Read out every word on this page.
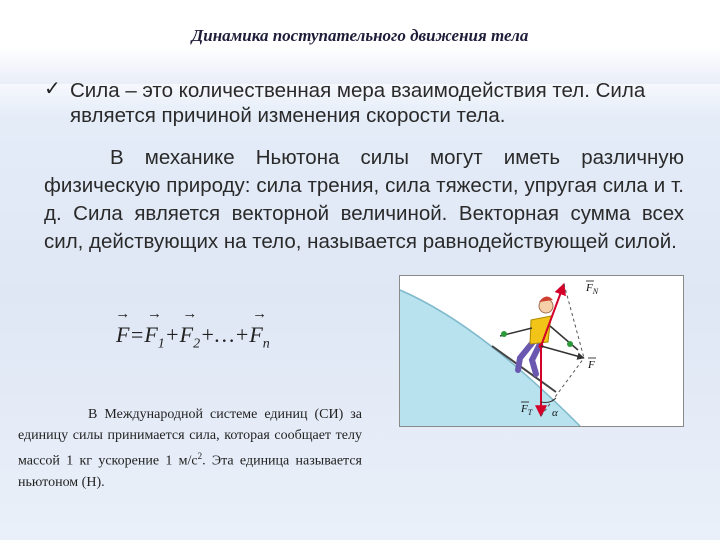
Динамика поступательного движения тела
✓ Сила – это количественная мера взаимодействия тел. Сила является причиной изменения скорости тела.
В механике Ньютона силы могут иметь различную физическую природу: сила трения, сила тяжести, упругая сила и т. д. Сила является векторной величиной. Векторная сумма всех сил, действующих на тело, называется равнодействующей силой.
→ $F=\to F_1+\to$ $F_2+\dots+\to F_n$
В Международной системе единиц (СИ) за единицу силы принимается сила, которая сообщает телу массой 1 кг ускорение 1 $м/с^2$. Эта единица называется ньютоном (Н).
$F_N$
F
$F_T$ α
